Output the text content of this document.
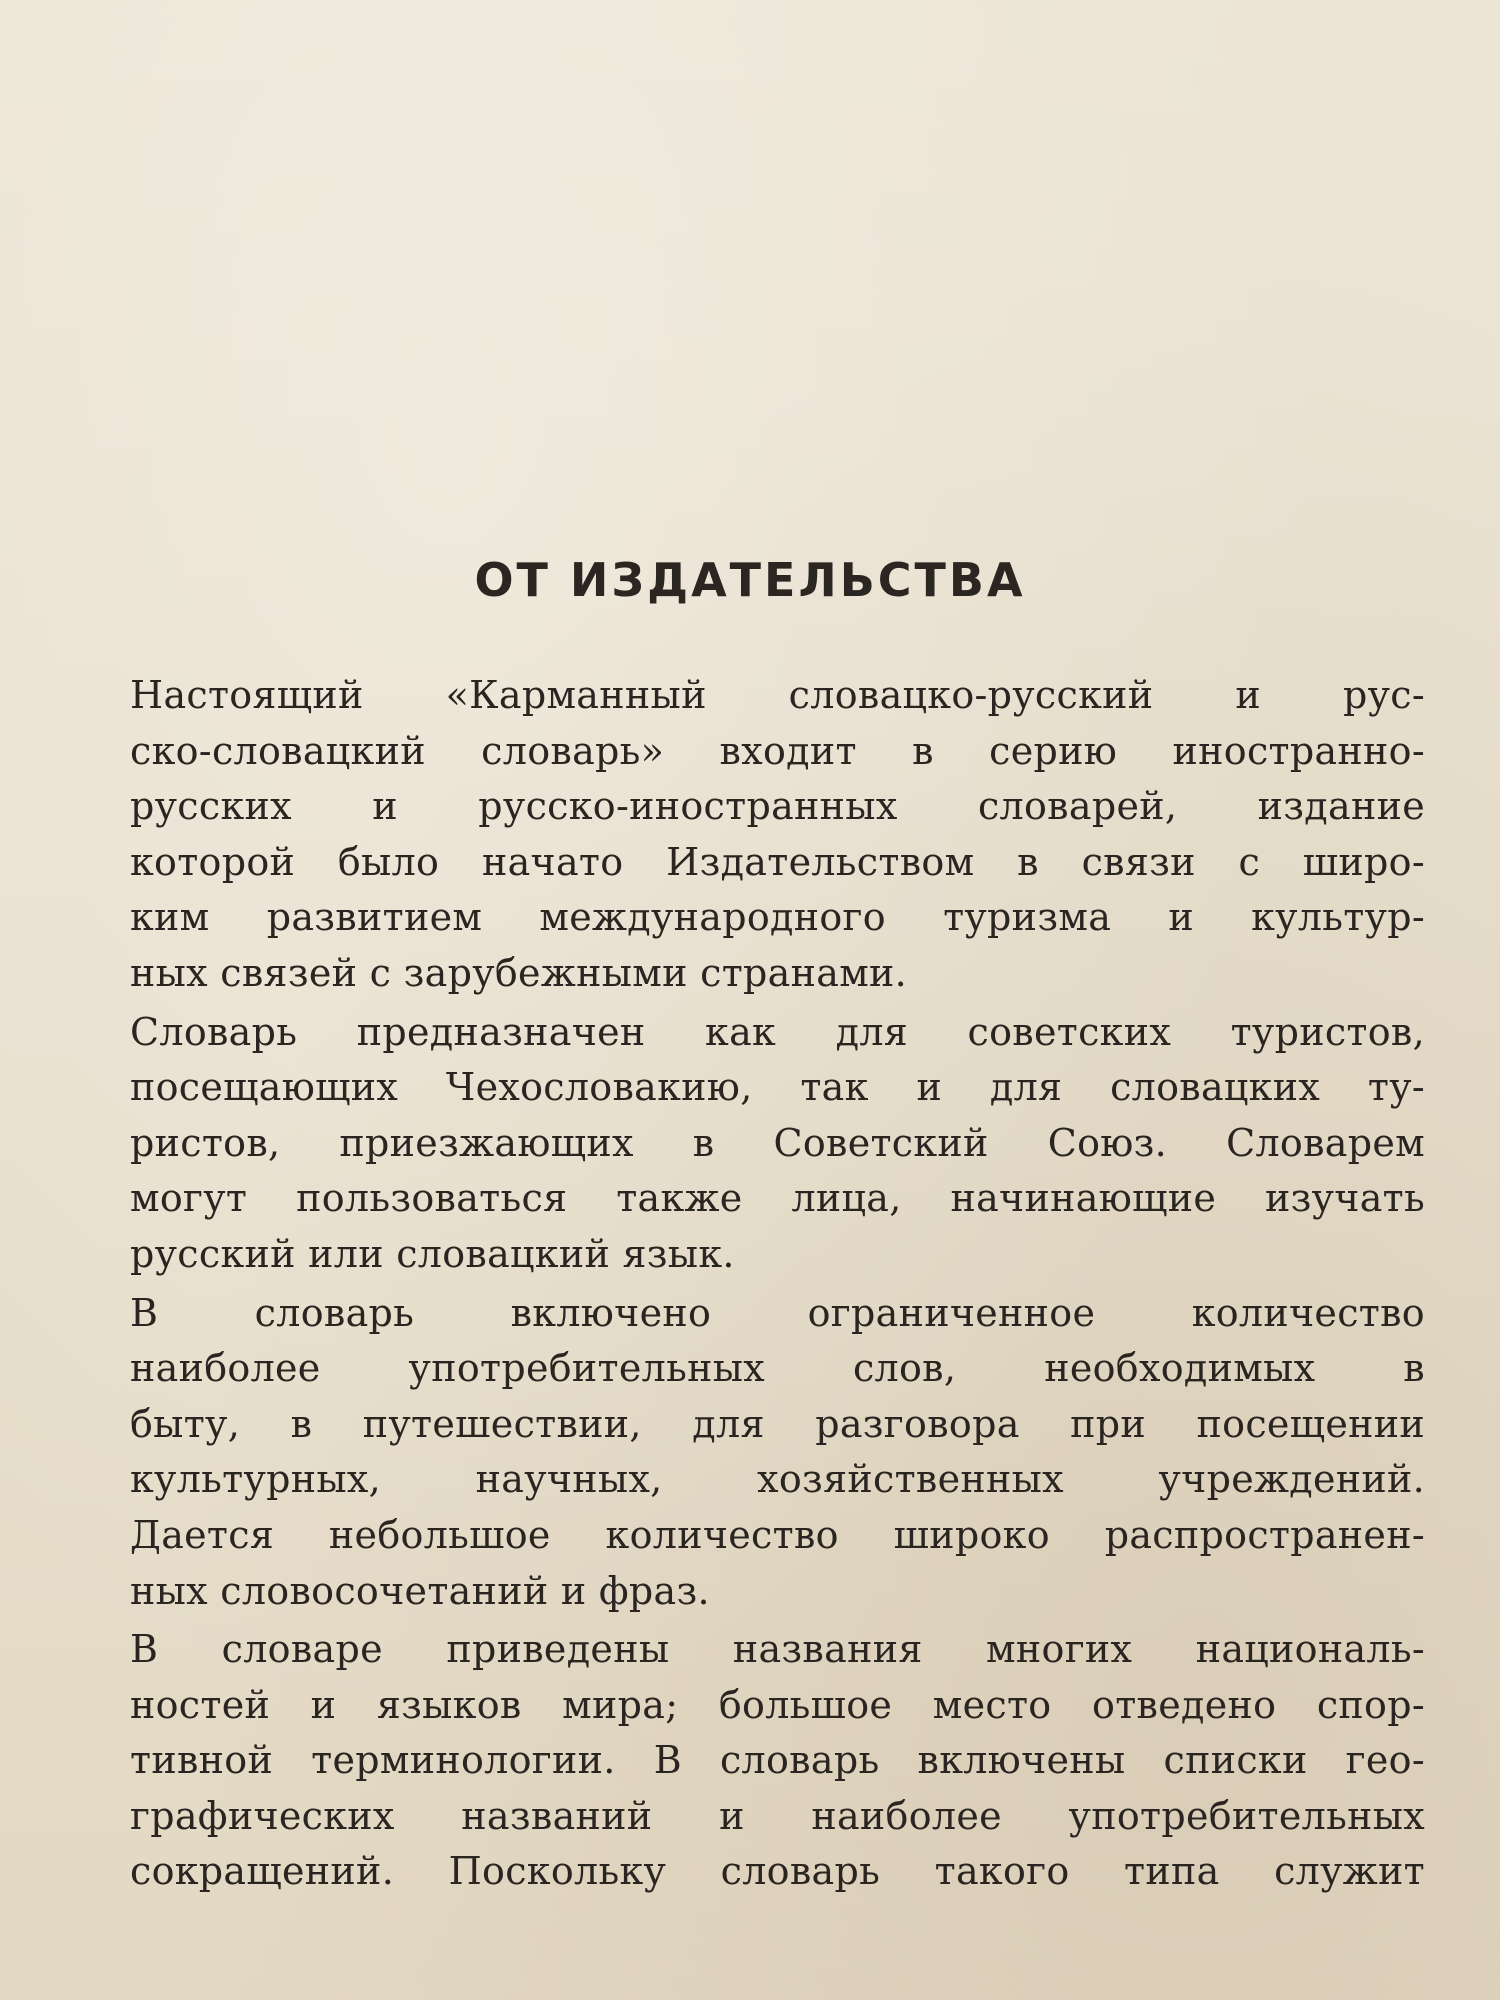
ОТ ИЗДАТЕЛЬСТВА
Настоящий «Карманный словацко-русский и рус-
ско-словацкий словарь» входит в серию иностранно-
русских и русско-иностранных словарей, издание
которой было начато Издательством в связи с широ-
ким развитием международного туризма и культур-
ных связей с зарубежными странами.
Словарь предназначен как для советских туристов,
посещающих Чехословакию, так и для словацких ту-
ристов, приезжающих в Советский Союз. Словарем
могут пользоваться также лица, начинающие изучать
русский или словацкий язык.
В словарь включено ограниченное количество
наиболее употребительных слов, необходимых в
быту, в путешествии, для разговора при посещении
культурных, научных, хозяйственных учреждений.
Дается небольшое количество широко распространен-
ных словосочетаний и фраз.
В словаре приведены названия многих националь-
ностей и языков мира; большое место отведено спор-
тивной терминологии. В словарь включены списки гео-
графических названий и наиболее употребительных
сокращений. Поскольку словарь такого типа служит
